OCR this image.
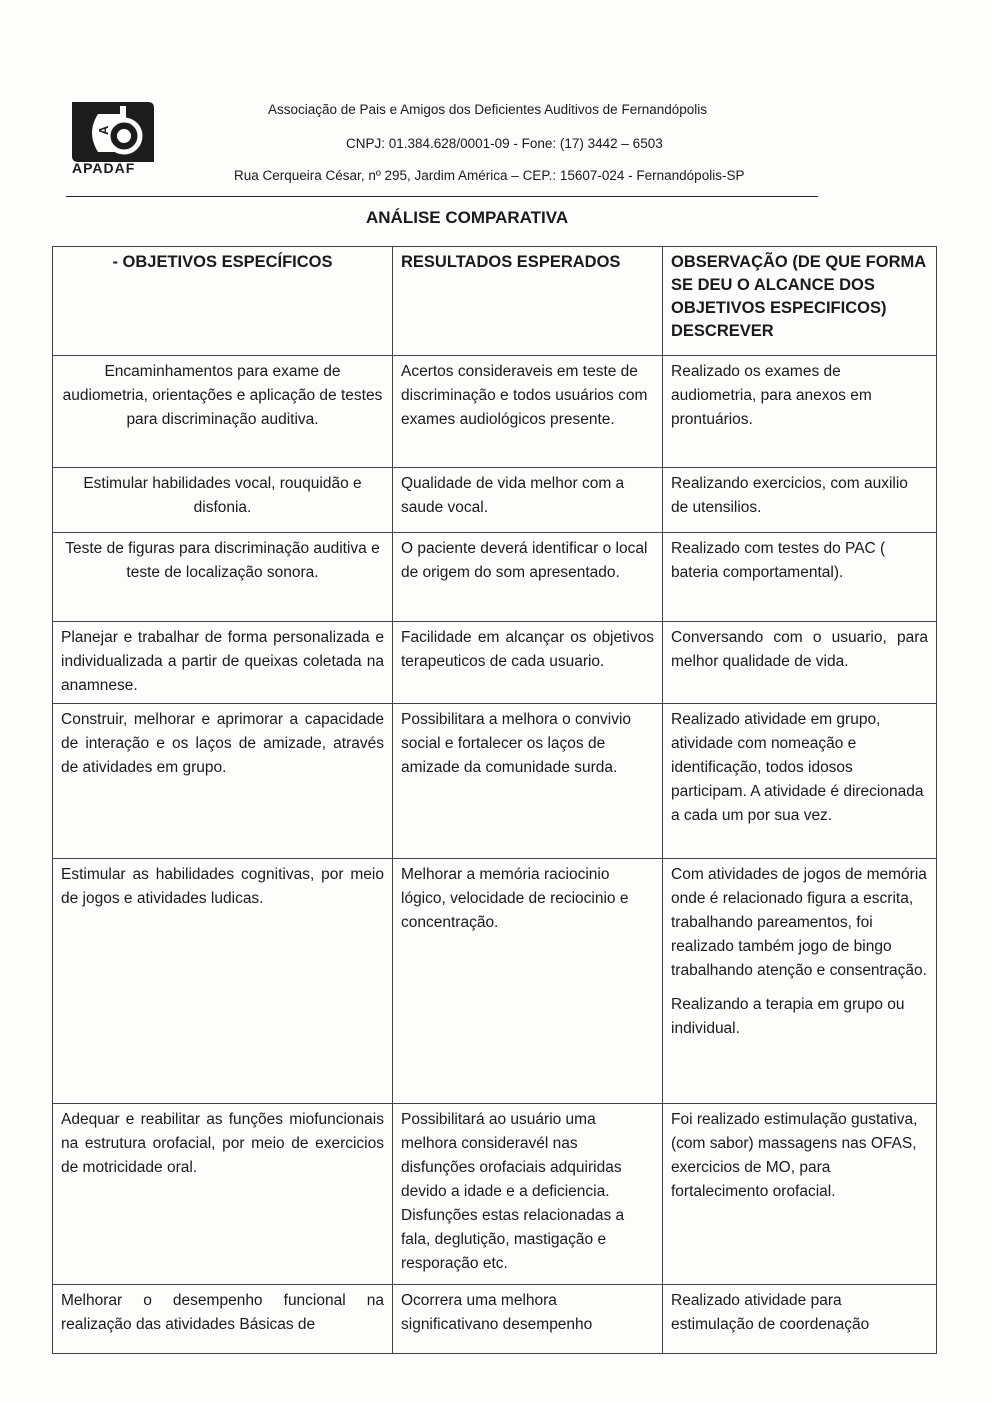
A
APADAF
Associação de Pais e Amigos dos Deficientes Auditivos de Fernandópolis
CNPJ: 01.384.628/0001-09 - Fone: (17) 3442 – 6503
Rua Cerqueira César, nº 295, Jardim América – CEP.: 15607-024 - Fernandópolis-SP
ANÁLISE COMPARATIVA
- OBJETIVOS ESPECÍFICOS	RESULTADOS ESPERADOS	OBSERVAÇÃO (DE QUE FORMA SE DEU O ALCANCE DOS OBJETIVOS ESPECIFICOS) DESCREVER
Encaminhamentos para exame de audiometria, orientações e aplicação de testes para discriminação auditiva.	Acertos consideraveis em teste de discriminação e todos usuários com exames audiológicos presente.	Realizado os exames de audiometria, para anexos em prontuários.
Estimular habilidades vocal, rouquidão e disfonia.	Qualidade de vida melhor com a saude vocal.	Realizando exercicios, com auxilio de utensilios.
Teste de figuras para discriminação auditiva e teste de localização sonora.	O paciente deverá identificar o local de origem do som apresentado.	Realizado com testes do PAC ( bateria comportamental).
Planejar e trabalhar de forma personalizada e individualizada a partir de queixas coletada na anamnese.	Facilidade em alcançar os objetivos terapeuticos de cada usuario.	Conversando com o usuario, para melhor qualidade de vida.
Construir, melhorar e aprimorar a capacidade de interação e os laços de amizade, através de atividades em grupo.	Possibilitara a melhora o convivio social e fortalecer os laços de amizade da comunidade surda.	Realizado atividade em grupo, atividade com nomeação e identificação, todos idosos participam. A atividade é direcionada a cada um por sua vez.
Estimular as habilidades cognitivas, por meio de jogos e atividades ludicas.	Melhorar a memória raciocinio lógico, velocidade de reciocinio e concentração.	Com atividades de jogos de memória onde é relacionado figura a escrita, trabalhando pareamentos, foi realizado também jogo de bingo trabalhando atenção e consentração.

Realizando a terapia em grupo ou individual.

Adequar e reabilitar as funções miofuncionais na estrutura orofacial, por meio de exercicios de motricidade oral.	Possibilitará ao usuário uma melhora consideravél nas disfunções orofaciais adquiridas devido a idade e a deficiencia. Disfunções estas relacionadas a fala, deglutição, mastigação e resporação etc.	Foi realizado estimulação gustativa, (com sabor) massagens nas OFAS, exercicios de MO, para fortalecimento orofacial.
Melhorar o desempenho funcional na realização das atividades Básicas de	Ocorrera uma melhora significativano desempenho	Realizado atividade para estimulação de coordenação
